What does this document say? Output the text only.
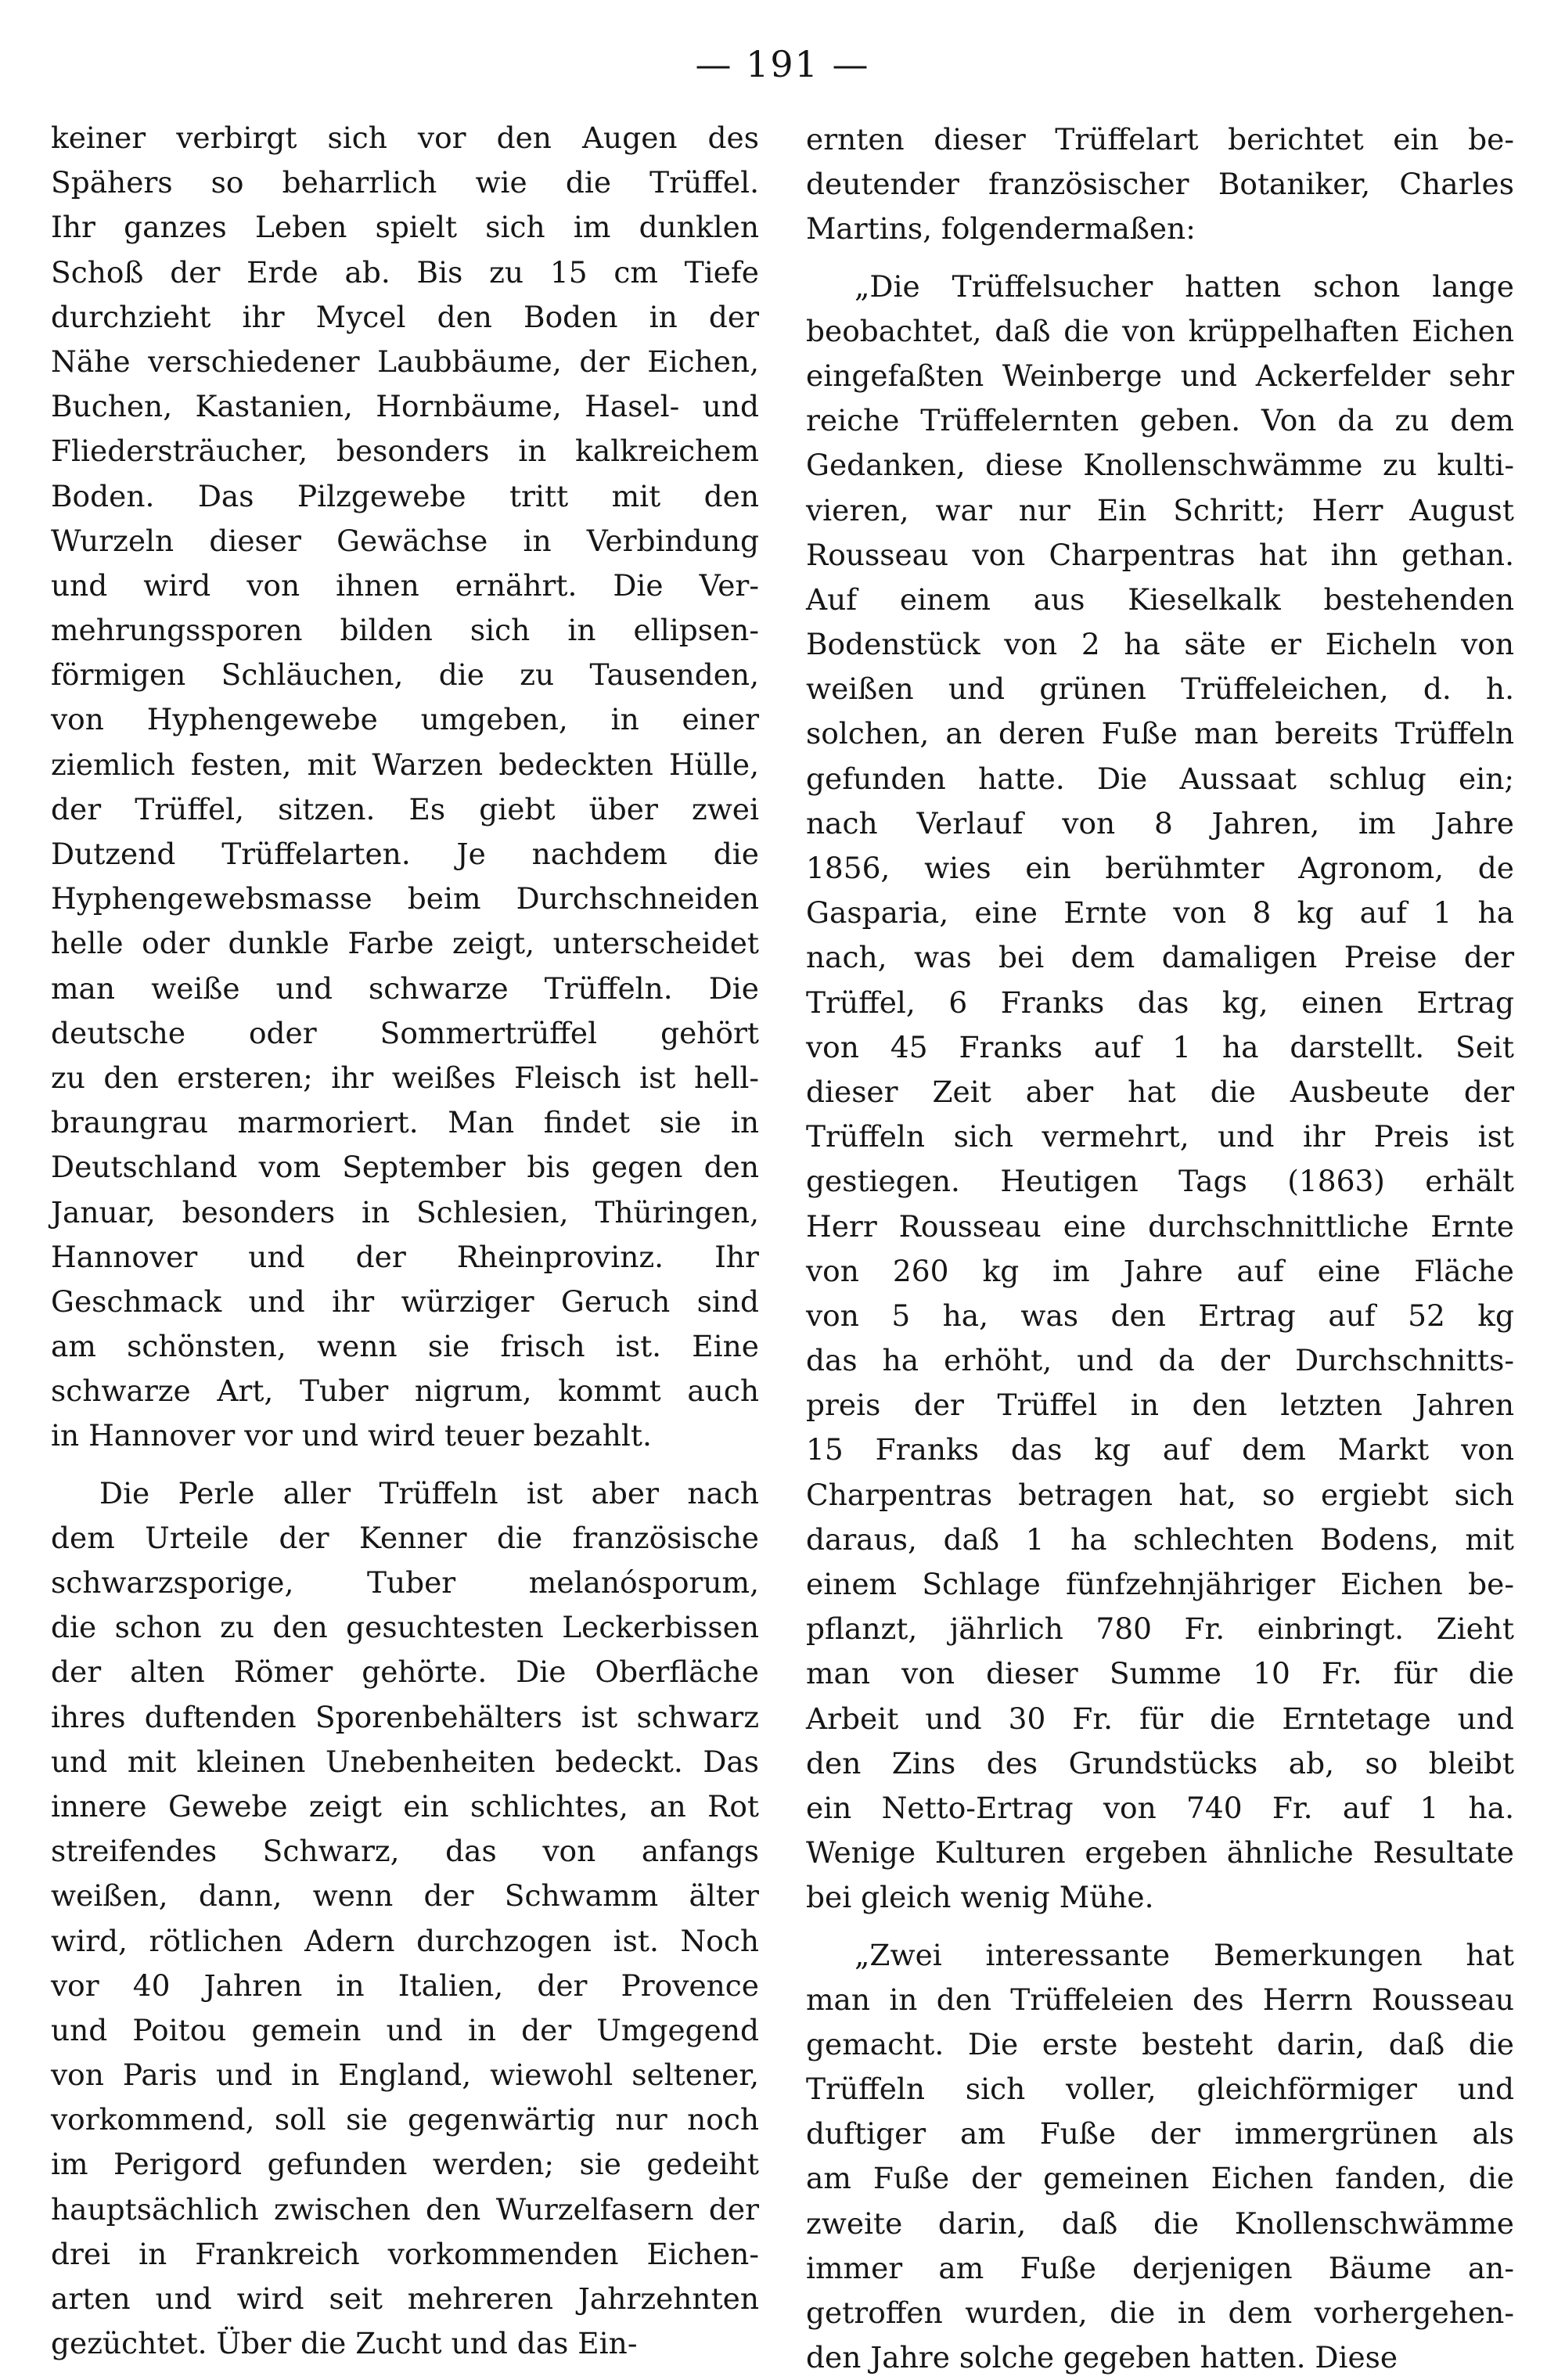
— 191 —
keiner verbirgt sich vor den Augen des
Spähers so beharrlich wie die Trüffel.
Ihr ganzes Leben spielt sich im dunklen
Schoß der Erde ab. Bis zu 15 cm Tiefe
durchzieht ihr Mycel den Boden in der
Nähe verschiedener Laubbäume, der Eichen,
Buchen, Kastanien, Hornbäume, Hasel- und
Fliedersträucher, besonders in kalkreichem
Boden. Das Pilzgewebe tritt mit den
Wurzeln dieser Gewächse in Verbindung
und wird von ihnen ernährt. Die Ver-
mehrungssporen bilden sich in ellipsen-
förmigen Schläuchen, die zu Tausenden,
von Hyphengewebe umgeben, in einer
ziemlich festen, mit Warzen bedeckten Hülle,
der Trüffel, sitzen. Es giebt über zwei
Dutzend Trüffelarten. Je nachdem die
Hyphengewebsmasse beim Durchschneiden
helle oder dunkle Farbe zeigt, unterscheidet
man weiße und schwarze Trüffeln. Die
deutsche oder Sommertrüffel gehört
zu den ersteren; ihr weißes Fleisch ist hell-
braungrau marmoriert. Man findet sie in
Deutschland vom September bis gegen den
Januar, besonders in Schlesien, Thüringen,
Hannover und der Rheinprovinz. Ihr
Geschmack und ihr würziger Geruch sind
am schönsten, wenn sie frisch ist. Eine
schwarze Art, Tuber nigrum, kommt auch
in Hannover vor und wird teuer bezahlt.
Die Perle aller Trüffeln ist aber nach
dem Urteile der Kenner die französische
schwarzsporige, Tuber melanósporum,
die schon zu den gesuchtesten Leckerbissen
der alten Römer gehörte. Die Oberfläche
ihres duftenden Sporenbehälters ist schwarz
und mit kleinen Unebenheiten bedeckt. Das
innere Gewebe zeigt ein schlichtes, an Rot
streifendes Schwarz, das von anfangs
weißen, dann, wenn der Schwamm älter
wird, rötlichen Adern durchzogen ist. Noch
vor 40 Jahren in Italien, der Provence
und Poitou gemein und in der Umgegend
von Paris und in England, wiewohl seltener,
vorkommend, soll sie gegenwärtig nur noch
im Perigord gefunden werden; sie gedeiht
hauptsächlich zwischen den Wurzelfasern der
drei in Frankreich vorkommenden Eichen-
arten und wird seit mehreren Jahrzehnten
gezüchtet. Über die Zucht und das Ein-
ernten dieser Trüffelart berichtet ein be-
deutender französischer Botaniker, Charles
Martins, folgendermaßen:
„Die Trüffelsucher hatten schon lange
beobachtet, daß die von krüppelhaften Eichen
eingefaßten Weinberge und Ackerfelder sehr
reiche Trüffelernten geben. Von da zu dem
Gedanken, diese Knollenschwämme zu kulti-
vieren, war nur Ein Schritt; Herr August
Rousseau von Charpentras hat ihn gethan.
Auf einem aus Kieselkalk bestehenden
Bodenstück von 2 ha säte er Eicheln von
weißen und grünen Trüffeleichen, d. h.
solchen, an deren Fuße man bereits Trüffeln
gefunden hatte. Die Aussaat schlug ein;
nach Verlauf von 8 Jahren, im Jahre
1856, wies ein berühmter Agronom, de
Gasparia, eine Ernte von 8 kg auf 1 ha
nach, was bei dem damaligen Preise der
Trüffel, 6 Franks das kg, einen Ertrag
von 45 Franks auf 1 ha darstellt. Seit
dieser Zeit aber hat die Ausbeute der
Trüffeln sich vermehrt, und ihr Preis ist
gestiegen. Heutigen Tags (1863) erhält
Herr Rousseau eine durchschnittliche Ernte
von 260 kg im Jahre auf eine Fläche
von 5 ha, was den Ertrag auf 52 kg
das ha erhöht, und da der Durchschnitts-
preis der Trüffel in den letzten Jahren
15 Franks das kg auf dem Markt von
Charpentras betragen hat, so ergiebt sich
daraus, daß 1 ha schlechten Bodens, mit
einem Schlage fünfzehnjähriger Eichen be-
pflanzt, jährlich 780 Fr. einbringt. Zieht
man von dieser Summe 10 Fr. für die
Arbeit und 30 Fr. für die Erntetage und
den Zins des Grundstücks ab, so bleibt
ein Netto-Ertrag von 740 Fr. auf 1 ha.
Wenige Kulturen ergeben ähnliche Resultate
bei gleich wenig Mühe.
„Zwei interessante Bemerkungen hat
man in den Trüffeleien des Herrn Rousseau
gemacht. Die erste besteht darin, daß die
Trüffeln sich voller, gleichförmiger und
duftiger am Fuße der immergrünen als
am Fuße der gemeinen Eichen fanden, die
zweite darin, daß die Knollenschwämme
immer am Fuße derjenigen Bäume an-
getroffen wurden, die in dem vorhergehen-
den Jahre solche gegeben hatten. Diese
